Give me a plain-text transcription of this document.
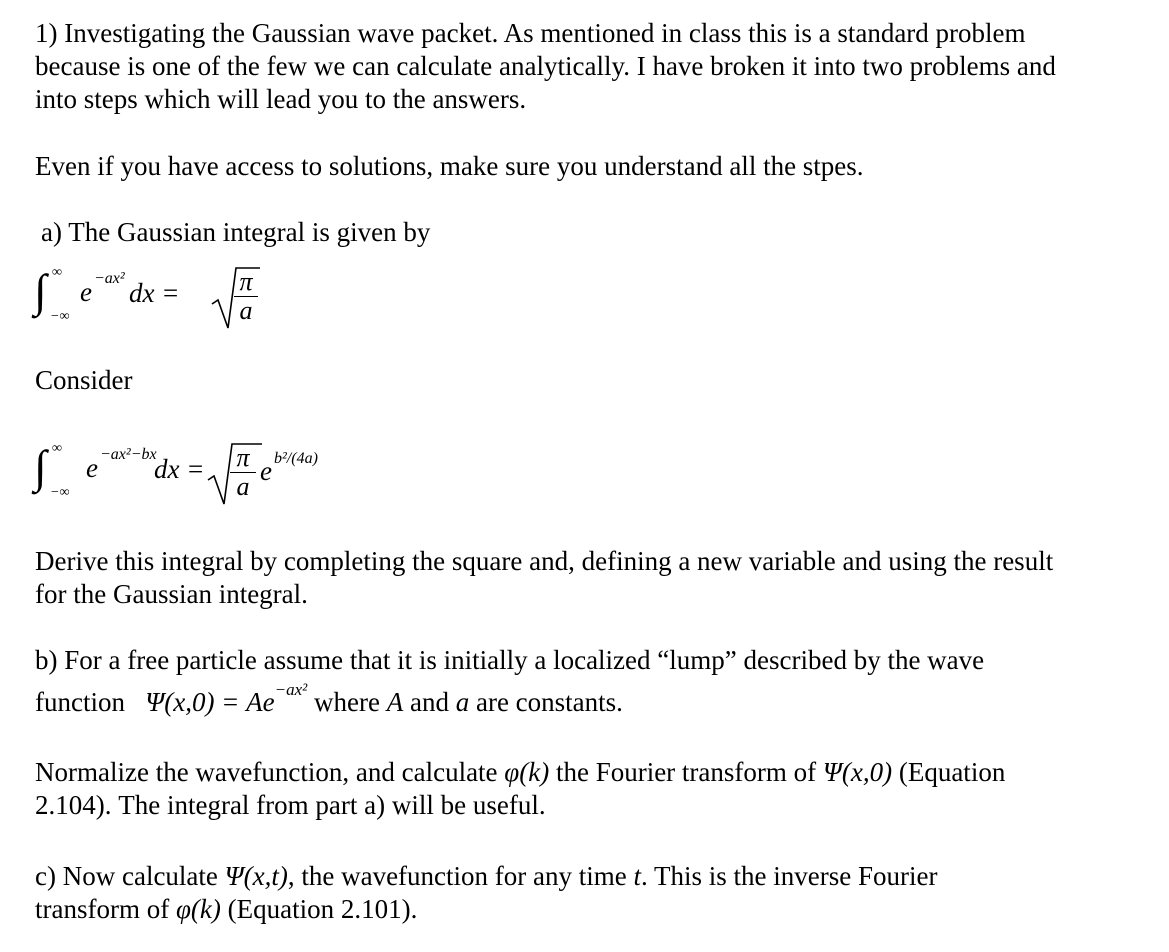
1) Investigating the Gaussian wave packet. As mentioned in class this is a standard problem
because is one of the few we can calculate analytically. I have broken it into two problems and
into steps which will lead you to the answers.

Even if you have access to solutions, make sure you understand all the stpes.

a) The Gaussian integral is given by

∫ ∞
−∞
e −ax² dx = $\frac{\pi}{a}$

Consider

∫ ∞
−∞
e −ax²−bx
dx = $\frac{\pi}{a}$ e b²/(4a)

Derive this integral by completing the square and, defining a new variable and using the result
for the Gaussian integral.

b) For a free particle assume that it is initially a localized “lump” described by the wave

function   $\Psi(x,0) = Ae^{-ax^2}$ where A and a are constants.

Normalize the wavefunction, and calculate φ(k) the Fourier transform of Ψ(x,0) (Equation
2.104). The integral from part a) will be useful.

c) Now calculate Ψ(x,t), the wavefunction for any time t. This is the inverse Fourier
transform of φ(k) (Equation 2.101).
